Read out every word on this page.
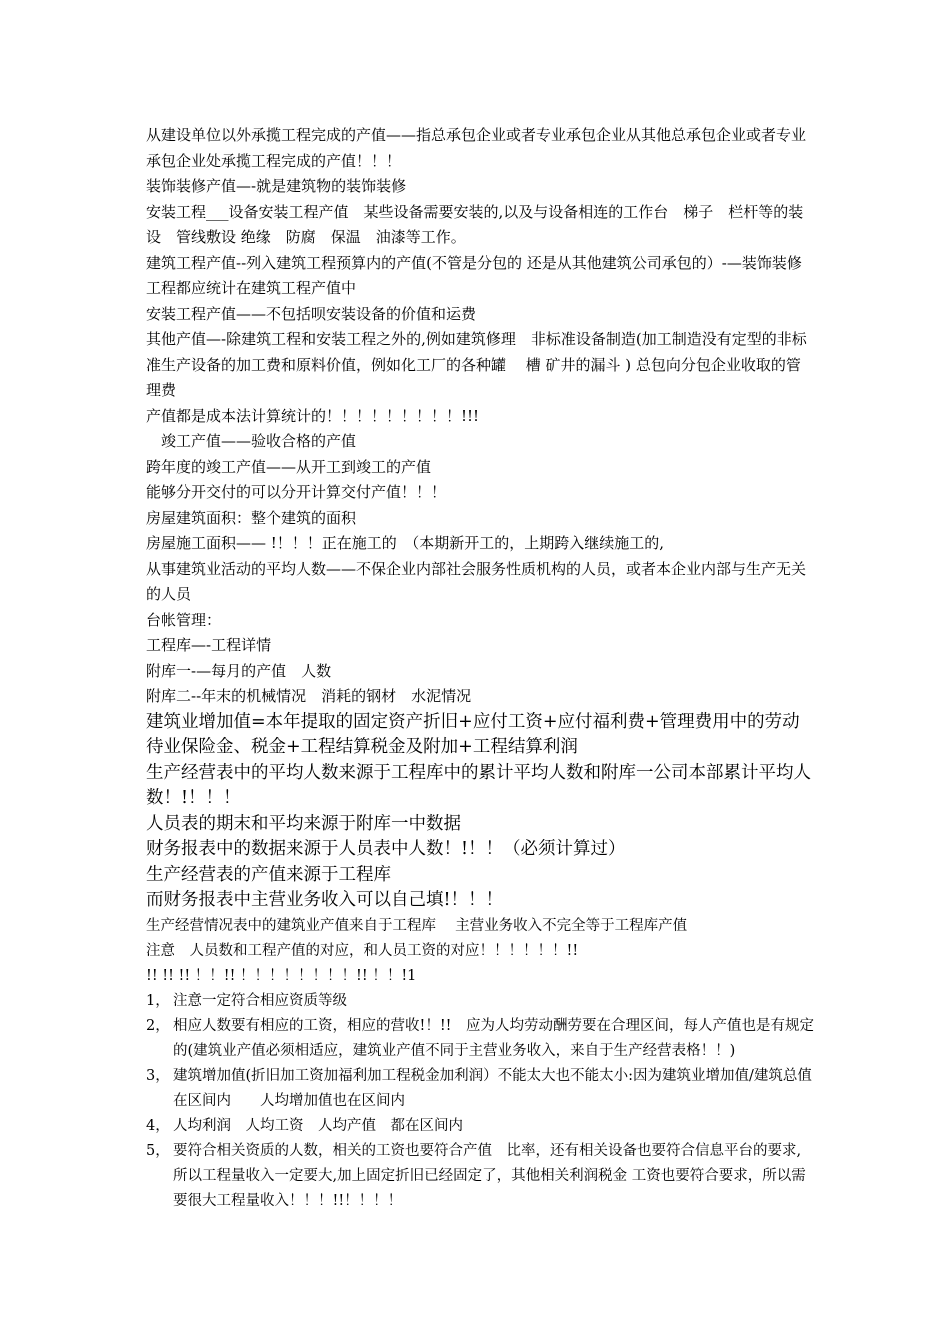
从建设单位以外承揽工程完成的产值——指总承包企业或者专业承包企业从其他总承包企业或者专业承包企业处承揽工程完成的产值！！！

装饰装修产值—-就是建筑物的装饰装修

安装工程___设备安装工程产值　某些设备需要安装的,以及与设备相连的工作台　梯子　栏杆等的装设　管线敷设 绝缘　防腐　保温　油漆等工作。

建筑工程产值--列入建筑工程预算内的产值(不管是分包的 还是从其他建筑公司承包的）-—装饰装修工程都应统计在建筑工程产值中

安装工程产值——不包括呗安装设备的价值和运费

其他产值—-除建筑工程和安装工程之外的,例如建筑修理　非标准设备制造(加工制造没有定型的非标准生产设备的加工费和原料价值，例如化工厂的各种罐　 槽 矿井的漏斗 ) 总包向分包企业收取的管理费

产值都是成本法计算统计的！！！！！！！！！!!!

　竣工产值——验收合格的产值

跨年度的竣工产值——从开工到竣工的产值

能够分开交付的可以分开计算交付产值！！！

房屋建筑面积：整个建筑的面积

房屋施工面积—— !！！！正在施工的　（本期新开工的，上期跨入继续施工的,

从事建筑业活动的平均人数——不保企业内部社会服务性质机构的人员，或者本企业内部与生产无关的人员

台帐管理：

工程库—-工程详情

附库一-—每月的产值　人数

附库二--年末的机械情况　消耗的钢材　水泥情况

建筑业增加值=本年提取的固定资产折旧+应付工资+应付福利费+管理费用中的劳动待业保险金、税金+工程结算税金及附加+工程结算利润

生产经营表中的平均人数来源于工程库中的累计平均人数和附库一公司本部累计平均人数！!！！！

人员表的期末和平均来源于附库一中数据

财务报表中的数据来源于人员表中人数！!！！（必须计算过）

生产经营表的产值来源于工程库

而财务报表中主营业务收入可以自己填!！！！

生产经营情况表中的建筑业产值来自于工程库　 主营业务收入不完全等于工程库产值

注意　人员数和工程产值的对应，和人员工资的对应！！！！！！!!

!! !! !! ！！!! ！！！！！！！！!! ！！!1

1， 注意一定符合相应资质等级
2， 相应人数要有相应的工资，相应的营收!！!!　应为人均劳动酬劳要在合理区间，每人产值也是有规定的(建筑业产值必须相适应，建筑业产值不同于主营业务收入，来自于生产经营表格！！)
3， 建筑增加值(折旧加工资加福利加工程税金加利润）不能太大也不能太小:因为建筑业增加值/建筑总值 在区间内　　人均增加值也在区间内
4， 人均利润　人均工资　人均产值　都在区间内
5， 要符合相关资质的人数，相关的工资也要符合产值　比率，还有相关设备也要符合信息平台的要求,所以工程量收入一定要大,加上固定折旧已经固定了，其他相关利润税金 工资也要符合要求，所以需要很大工程量收入！！！!!！！！！
